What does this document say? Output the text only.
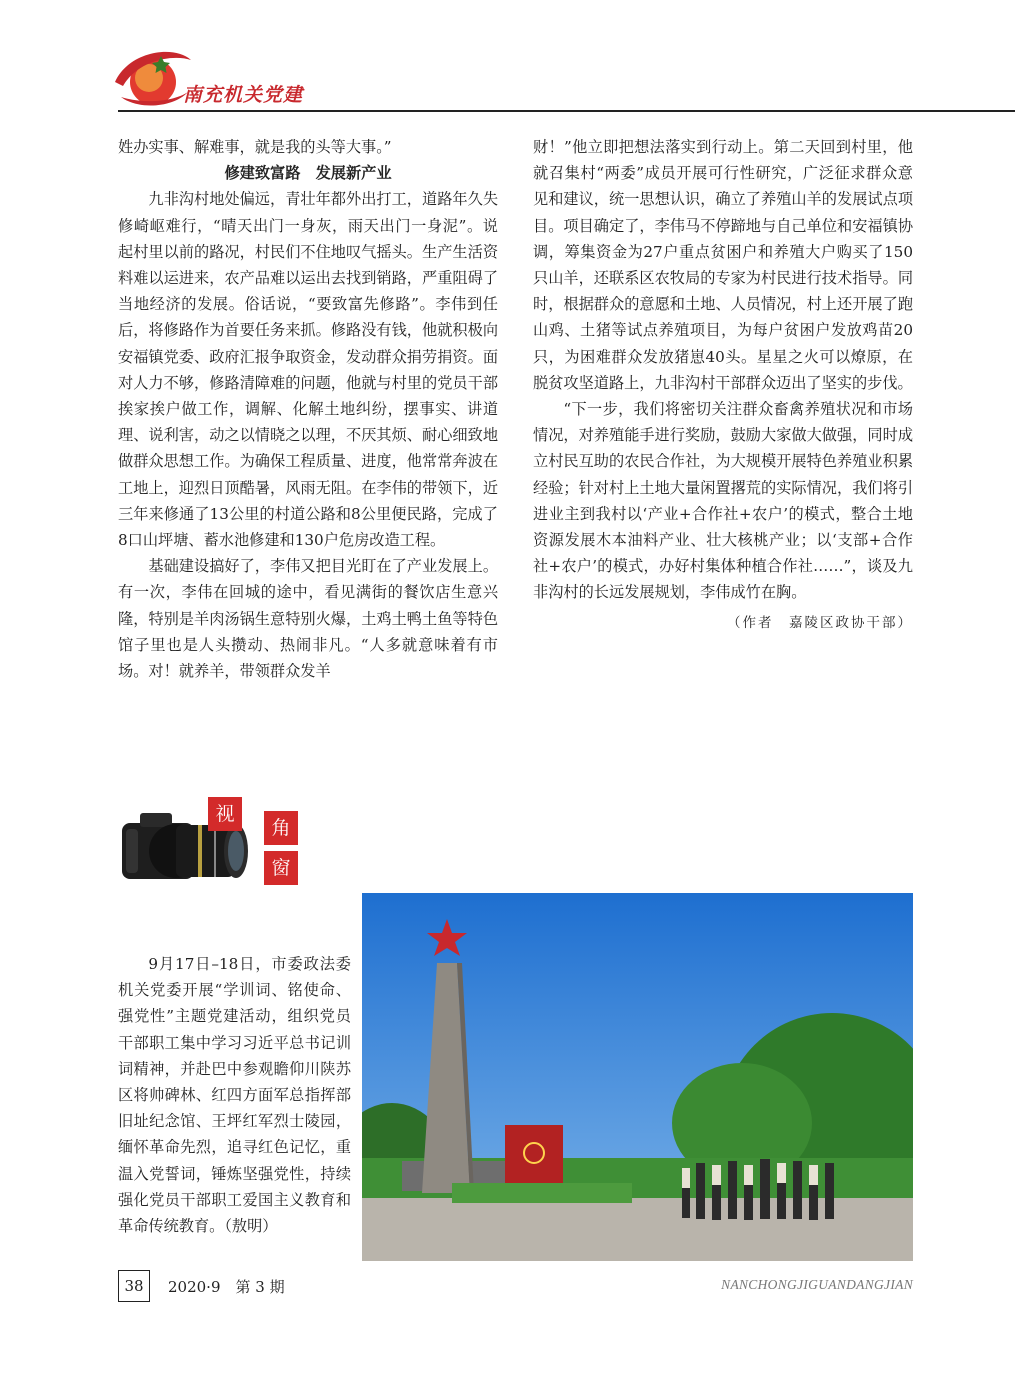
南充机关党建

姓办实事、解难事，就是我的头等大事。”

修建致富路　发展新产业

九非沟村地处偏远，青壮年都外出打工，道路年久失修崎岖难行，“晴天出门一身灰，雨天出门一身泥”。说起村里以前的路况，村民们不住地叹气摇头。生产生活资料难以运进来，农产品难以运出去找到销路，严重阻碍了当地经济的发展。俗话说，“要致富先修路”。李伟到任后，将修路作为首要任务来抓。修路没有钱，他就积极向安福镇党委、政府汇报争取资金，发动群众捐劳捐资。面对人力不够，修路清障难的问题，他就与村里的党员干部挨家挨户做工作，调解、化解土地纠纷，摆事实、讲道理、说利害，动之以情晓之以理，不厌其烦、耐心细致地做群众思想工作。为确保工程质量、进度，他常常奔波在工地上，迎烈日顶酷暑，风雨无阻。在李伟的带领下，近三年来修通了13公里的村道公路和8公里便民路，完成了8口山坪塘、蓄水池修建和130户危房改造工程。

基础建设搞好了，李伟又把目光盯在了产业发展上。有一次，李伟在回城的途中，看见满街的餐饮店生意兴隆，特别是羊肉汤锅生意特别火爆，土鸡土鸭土鱼等特色馆子里也是人头攒动、热闹非凡。“人多就意味着有市场。对！就养羊，带领群众发羊

财！”他立即把想法落实到行动上。第二天回到村里，他就召集村“两委”成员开展可行性研究，广泛征求群众意见和建议，统一思想认识，确立了养殖山羊的发展试点项目。项目确定了，李伟马不停蹄地与自己单位和安福镇协调，筹集资金为27户重点贫困户和养殖大户购买了150只山羊，还联系区农牧局的专家为村民进行技术指导。同时，根据群众的意愿和土地、人员情况，村上还开展了跑山鸡、土猪等试点养殖项目，为每户贫困户发放鸡苗20只，为困难群众发放猪崽40头。星星之火可以燎原，在脱贫攻坚道路上，九非沟村干部群众迈出了坚实的步伐。

“下一步，我们将密切关注群众畜禽养殖状况和市场情况，对养殖能手进行奖励，鼓励大家做大做强，同时成立村民互助的农民合作社，为大规模开展特色养殖业积累经验；针对村上土地大量闲置撂荒的实际情况，我们将引进业主到我村以‘产业+合作社+农户’的模式，整合土地资源发展木本油料产业、壮大核桃产业；以‘支部+合作社+农户’的模式，办好村集体种植合作社……”，谈及九非沟村的长远发展规划，李伟成竹在胸。

（作者　嘉陵区政协干部）
视
角
窗

9月17日–18日，市委政法委机关党委开展“学训词、铭使命、强党性”主题党建活动，组织党员干部职工集中学习习近平总书记训词精神，并赴巴中参观瞻仰川陕苏区将帅碑林、红四方面军总指挥部旧址纪念馆、王坪红军烈士陵园，缅怀革命先烈，追寻红色记忆，重温入党誓词，锤炼坚强党性，持续强化党员干部职工爱国主义教育和革命传统教育。（敖明）

38	2020·9　第 3 期	NANCHONGJIGUANDANGJIAN
